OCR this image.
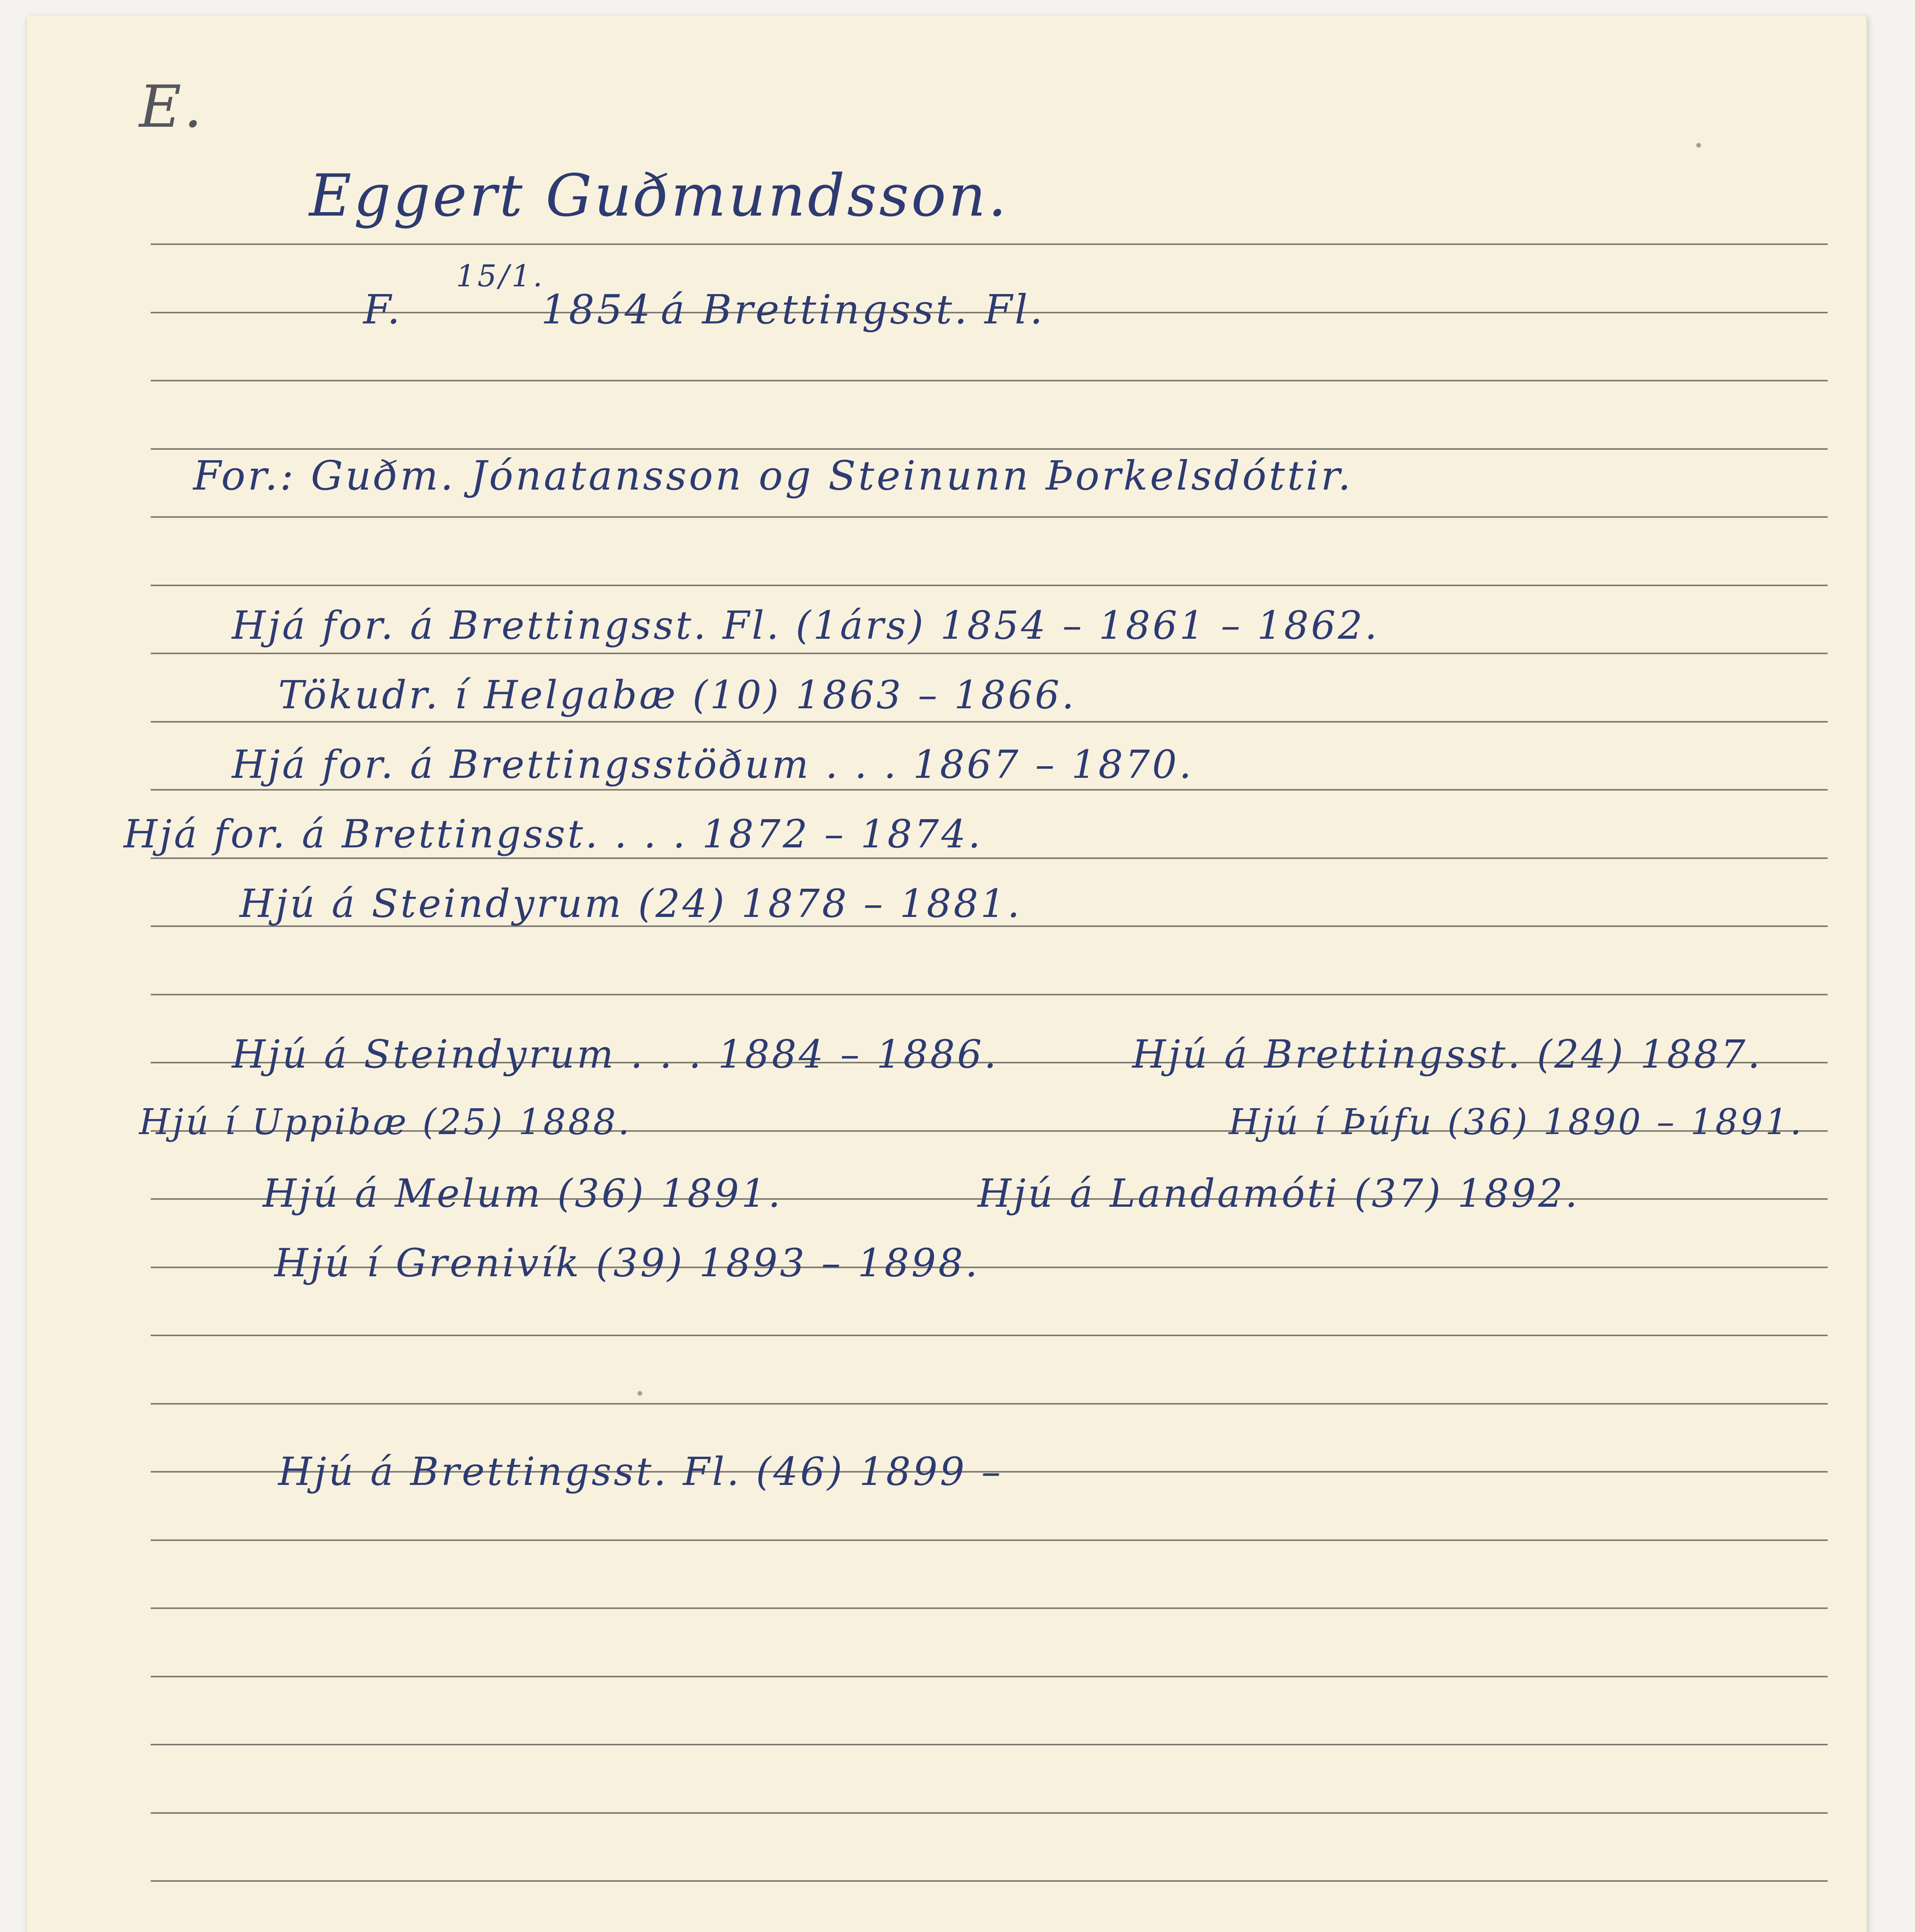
E.
Eggert Guðmundsson.
F.
15/1.
1854 á Brettingsst. Fl.
For.: Guðm. Jónatansson og Steinunn Þorkelsdóttir.
Hjá for. á Brettingsst. Fl. (1árs) 1854 – 1861 – 1862.
Tökudr. í Helgabæ (10) 1863 – 1866.
Hjá for. á Brettingsstöðum . . . 1867 – 1870.
Hjá for. á Brettingsst. . . . 1872 – 1874.
Hjú á Steindyrum (24) 1878 – 1881.
Hjú á Steindyrum . . . 1884 – 1886.	Hjú á Brettingsst. (24) 1887.
Hjú í Uppibæ (25) 1888.	Hjú í Þúfu (36) 1890 – 1891.
Hjú á Melum (36) 1891.	Hjú á Landamóti (37) 1892.
Hjú í Grenivík (39) 1893 – 1898.
Hjú á Brettingsst. Fl. (46) 1899 –
